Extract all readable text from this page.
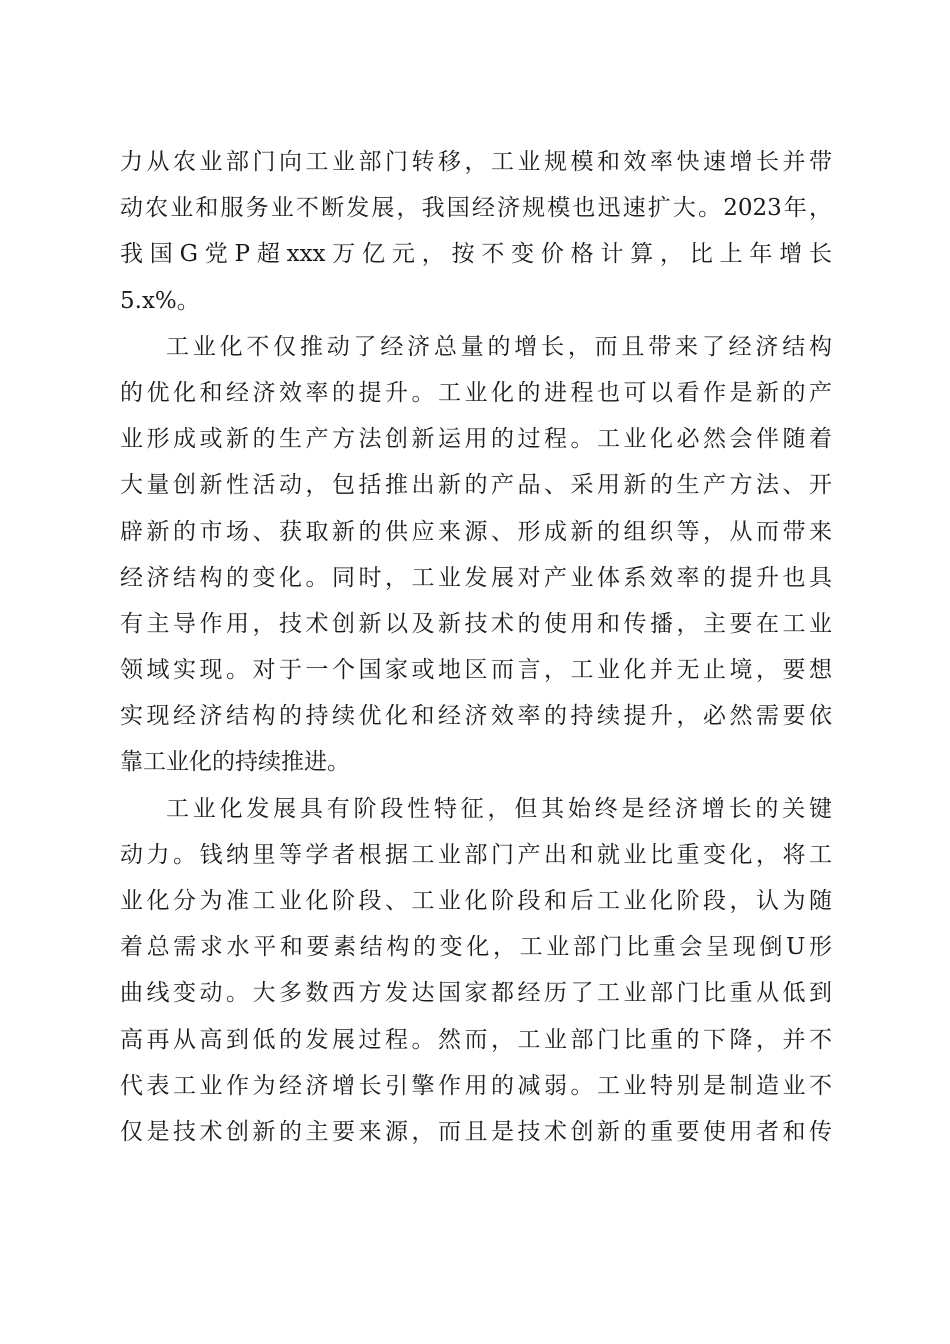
力从农业部门向工业部门转移，工业规模和效率快速增长并带
动农业和服务业不断发展，我国经济规模也迅速扩大。2023年，
我国G党P超xxx万亿元，按不变价格计算，比上年增长
5.x%。
工业化不仅推动了经济总量的增长，而且带来了经济结构
的优化和经济效率的提升。工业化的进程也可以看作是新的产
业形成或新的生产方法创新运用的过程。工业化必然会伴随着
大量创新性活动，包括推出新的产品、采用新的生产方法、开
辟新的市场、获取新的供应来源、形成新的组织等，从而带来
经济结构的变化。同时，工业发展对产业体系效率的提升也具
有主导作用，技术创新以及新技术的使用和传播，主要在工业
领域实现。对于一个国家或地区而言，工业化并无止境，要想
实现经济结构的持续优化和经济效率的持续提升，必然需要依
靠工业化的持续推进。
工业化发展具有阶段性特征，但其始终是经济增长的关键
动力。钱纳里等学者根据工业部门产出和就业比重变化，将工
业化分为准工业化阶段、工业化阶段和后工业化阶段，认为随
着总需求水平和要素结构的变化，工业部门比重会呈现倒U形
曲线变动。大多数西方发达国家都经历了工业部门比重从低到
高再从高到低的发展过程。然而，工业部门比重的下降，并不
代表工业作为经济增长引擎作用的减弱。工业特别是制造业不
仅是技术创新的主要来源，而且是技术创新的重要使用者和传
